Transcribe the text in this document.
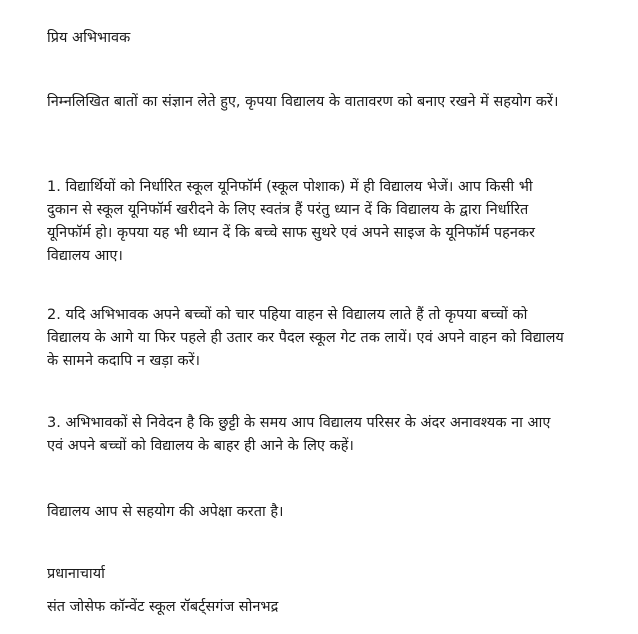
प्रिय अभिभावक

निम्नलिखित बातों का संज्ञान लेते हुए, कृपया विद्यालय के वातावरण को बनाए रखने में सहयोग करें।

1. विद्यार्थियों को निर्धारित स्कूल यूनिफॉर्म (स्कूल पोशाक) में ही विद्यालय भेजें। आप किसी भी दुकान से स्कूल यूनिफॉर्म खरीदने के लिए स्वतंत्र हैं परंतु ध्यान दें कि विद्यालय के द्वारा निर्धारित यूनिफॉर्म हो। कृपया यह भी ध्यान दें कि बच्चे साफ सुथरे एवं अपने साइज के यूनिफॉर्म पहनकर विद्यालय आए।

2. यदि अभिभावक अपने बच्चों को चार पहिया वाहन से विद्यालय लाते हैं तो कृपया बच्चों को विद्यालय के आगे या फिर पहले ही उतार कर पैदल स्कूल गेट तक लायें। एवं अपने वाहन को विद्यालय के सामने कदापि न खड़ा करें।

3. अभिभावकों से निवेदन है कि छुट्टी के समय आप विद्यालय परिसर के अंदर अनावश्यक ना आए एवं अपने बच्चों को विद्यालय के बाहर ही आने के लिए कहें।

विद्यालय आप से सहयोग की अपेक्षा करता है।

प्रधानाचार्या

संत जोसेफ कॉन्वेंट स्कूल रॉबर्ट्सगंज सोनभद्र
